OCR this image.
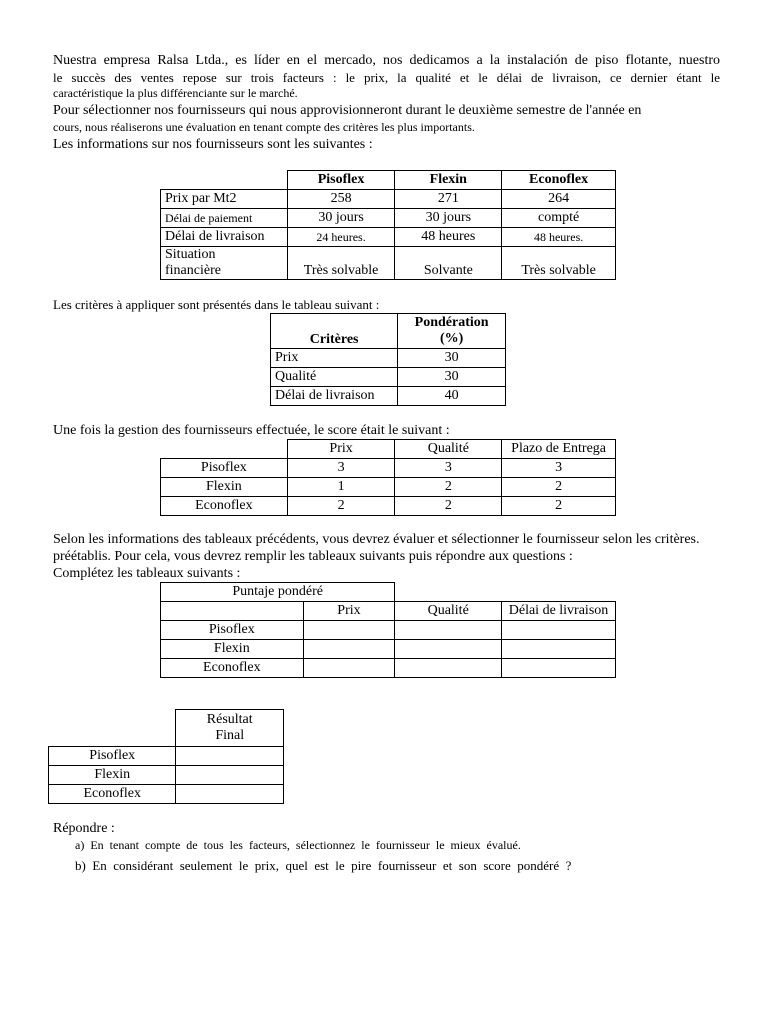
Nuestra empresa Ralsa Ltda., es líder en el mercado, nos dedicamos a la instalación de piso flotante, nuestro
le succès des ventes repose sur trois facteurs : le prix, la qualité et le délai de livraison, ce dernier étant le
caractéristique la plus différenciante sur le marché.
Pour sélectionner nos fournisseurs qui nous approvisionneront durant le deuxième semestre de l'année en
cours, nous réaliserons une évaluation en tenant compte des critères les plus importants.
Les informations sur nos fournisseurs sont les suivantes :
	Pisoflex	Flexin	Econoflex
Prix par Mt2	258	271	264
Délai de paiement	30 jours	30 jours	compté
Délai de livraison	24 heures.	48 heures	48 heures.
Situation
financière	Très solvable	Solvante	Très solvable
Les critères à appliquer sont présentés dans le tableau suivant :
Critères	Pondération
(%)
Prix	30
Qualité	30
Délai de livraison	40
Une fois la gestion des fournisseurs effectuée, le score était le suivant :
	Prix	Qualité	Plazo de Entrega
Pisoflex	3	3	3
Flexin	1	2	2
Econoflex	2	2	2
Selon les informations des tableaux précédents, vous devrez évaluer et sélectionner le fournisseur selon les critères.
préétablis. Pour cela, vous devrez remplir les tableaux suivants puis répondre aux questions :
Complétez les tableaux suivants :
Puntaje pondéré			
	Prix	Qualité	Délai de livraison
Pisoflex			
Flexin			
Econoflex			
	Résultat
Final
Pisoflex	
Flexin	
Econoflex	
Répondre :
a)  En  tenant  compte  de  tous  les  facteurs,  sélectionnez  le  fournisseur  le  mieux  évalué.
b)  En  considérant  seulement  le  prix,  quel  est  le  pire  fournisseur  et  son  score  pondéré  ?
